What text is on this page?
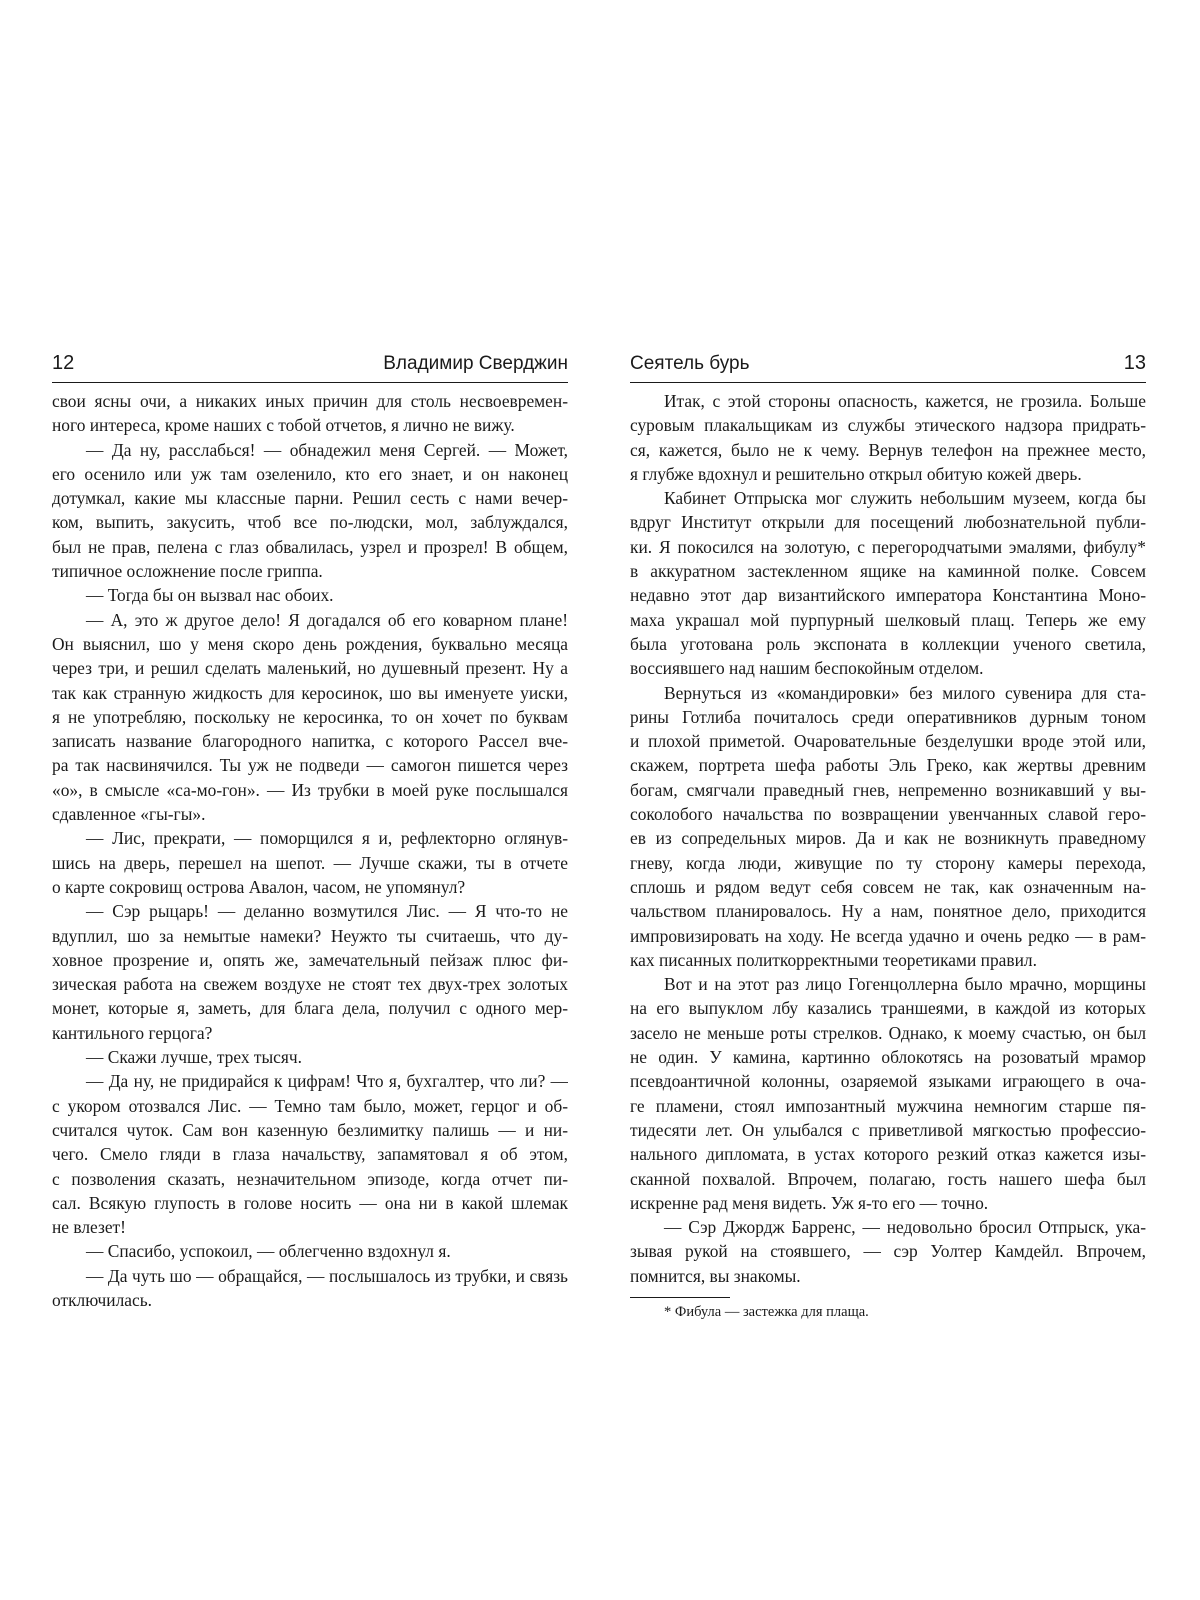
12	Владимир Сверджин
свои ясны очи, а никаких иных причин для столь несвоевремен-
ного интереса, кроме наших с тобой отчетов, я лично не вижу.
— Да ну, расслабься! — обнадежил меня Сергей. — Может,
его осенило или уж там озеленило, кто его знает, и он наконец
дотумкал, какие мы классные парни. Решил сесть с нами вечер-
ком, выпить, закусить, чтоб все по-людски, мол, заблуждался,
был не прав, пелена с глаз обвалилась, узрел и прозрел! В общем,
типичное осложнение после гриппа.
— Тогда бы он вызвал нас обоих.
— А, это ж другое дело! Я догадался об его коварном плане!
Он выяснил, шо у меня скоро день рождения, буквально месяца
через три, и решил сделать маленький, но душевный презент. Ну а
так как странную жидкость для керосинок, шо вы именуете уиски,
я не употребляю, поскольку не керосинка, то он хочет по буквам
записать название благородного напитка, с которого Рассел вче-
ра так насвинячился. Ты уж не подведи — самогон пишется через
«о», в смысле «са-мо-гон». — Из трубки в моей руке послышался
сдавленное «гы-гы».
— Лис, прекрати, — поморщился я и, рефлекторно оглянув-
шись на дверь, перешел на шепот. — Лучше скажи, ты в отчете
о карте сокровищ острова Авалон, часом, не упомянул?
— Сэр рыцарь! — деланно возмутился Лис. — Я что-то не
вдуплил, шо за немытые намеки? Неужто ты считаешь, что ду-
ховное прозрение и, опять же, замечательный пейзаж плюс фи-
зическая работа на свежем воздухе не стоят тех двух-трех золотых
монет, которые я, заметь, для блага дела, получил с одного мер-
кантильного герцога?
— Скажи лучше, трех тысяч.
— Да ну, не придирайся к цифрам! Что я, бухгалтер, что ли? —
с укором отозвался Лис. — Темно там было, может, герцог и об-
считался чуток. Сам вон казенную безлимитку палишь — и ни-
чего. Смело гляди в глаза начальству, запамятовал я об этом,
с позволения сказать, незначительном эпизоде, когда отчет пи-
сал. Всякую глупость в голове носить — она ни в какой шлемак
не влезет!
— Спасибо, успокоил, — облегченно вздохнул я.
— Да чуть шо — обращайся, — послышалось из трубки, и связь
отключилась.
Сеятель бурь	13
Итак, с этой стороны опасность, кажется, не грозила. Больше
суровым плакальщикам из службы этического надзора придрать-
ся, кажется, было не к чему. Вернув телефон на прежнее место,
я глубже вдохнул и решительно открыл обитую кожей дверь.
Кабинет Отпрыска мог служить небольшим музеем, когда бы
вдруг Институт открыли для посещений любознательной публи-
ки. Я покосился на золотую, с перегородчатыми эмалями, фибулу*
в аккуратном застекленном ящике на каминной полке. Совсем
недавно этот дар византийского императора Константина Моно-
маха украшал мой пурпурный шелковый плащ. Теперь же ему
была уготована роль экспоната в коллекции ученого светила,
воссиявшего над нашим беспокойным отделом.
Вернуться из «командировки» без милого сувенира для ста-
рины Готлиба почиталось среди оперативников дурным тоном
и плохой приметой. Очаровательные безделушки вроде этой или,
скажем, портрета шефа работы Эль Греко, как жертвы древним
богам, смягчали праведный гнев, непременно возникавший у вы-
соколобого начальства по возвращении увенчанных славой геро-
ев из сопредельных миров. Да и как не возникнуть праведному
гневу, когда люди, живущие по ту сторону камеры перехода,
сплошь и рядом ведут себя совсем не так, как означенным на-
чальством планировалось. Ну а нам, понятное дело, приходится
импровизировать на ходу. Не всегда удачно и очень редко — в рам-
ках писанных политкорректными теоретиками правил.
Вот и на этот раз лицо Гогенцоллерна было мрачно, морщины
на его выпуклом лбу казались траншеями, в каждой из которых
засело не меньше роты стрелков. Однако, к моему счастью, он был
не один. У камина, картинно облокотясь на розоватый мрамор
псевдоантичной колонны, озаряемой языками играющего в оча-
ге пламени, стоял импозантный мужчина немногим старше пя-
тидесяти лет. Он улыбался с приветливой мягкостью профессио-
нального дипломата, в устах которого резкий отказ кажется изы-
сканной похвалой. Впрочем, полагаю, гость нашего шефа был
искренне рад меня видеть. Уж я-то его — точно.
— Сэр Джордж Барренс, — недовольно бросил Отпрыск, ука-
зывая рукой на стоявшего, — сэр Уолтер Камдейл. Впрочем,
помнится, вы знакомы.
* Фибула — застежка для плаща.
